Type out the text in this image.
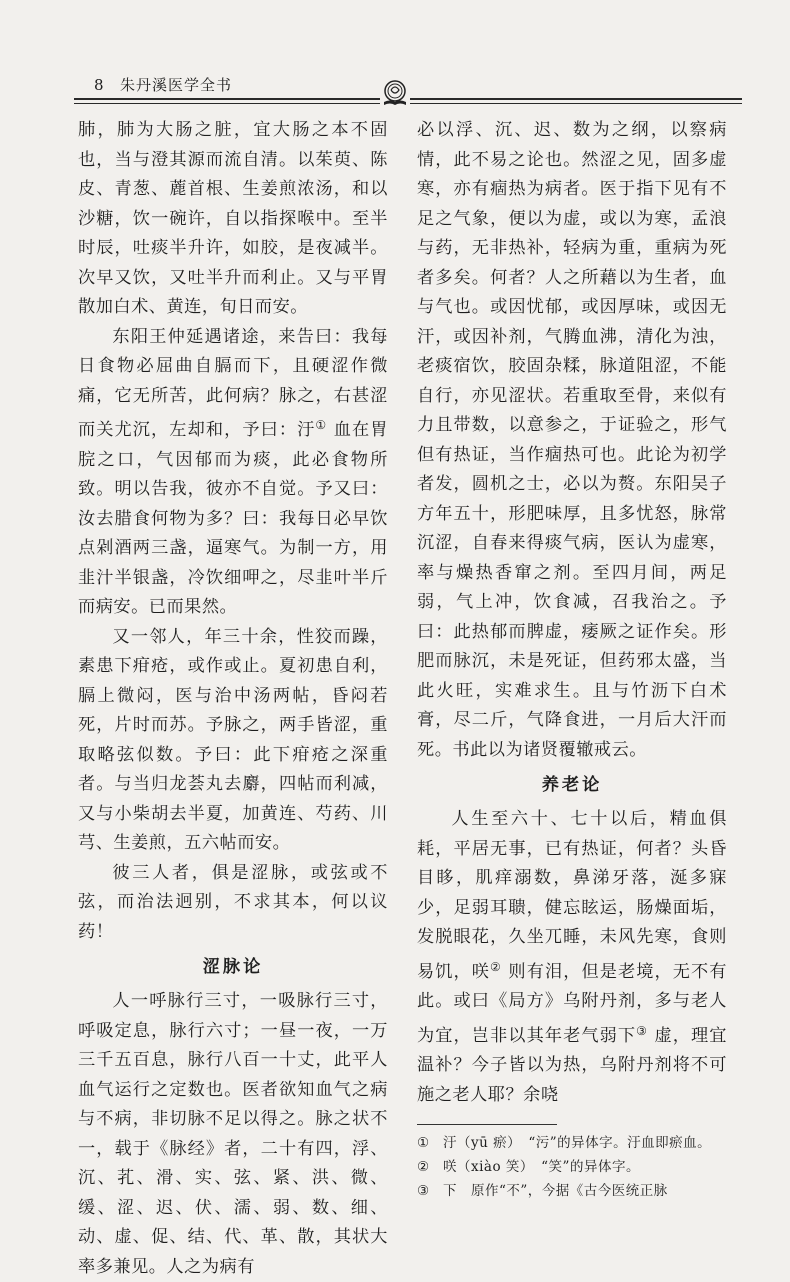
8 朱丹溪医学全书

肺，肺为大肠之脏，宜大肠之本不固也，当与澄其源而流自清。以茱萸、陈皮、青葱、蔍首根、生姜煎浓汤，和以沙糖，饮一碗许，自以指探喉中。至半时辰，吐痰半升许，如胶，是夜减半。次早又饮，又吐半升而利止。又与平胃散加白术、黄连，旬日而安。

东阳王仲延遇诸途，来告曰：我每日食物必屈曲自膈而下，且硬涩作微痛，它无所苦，此何病？脉之，右甚涩而关尤沉，左却和，予曰：汙① 血在胃脘之口，气因郁而为痰，此必食物所致。明以告我，彼亦不自觉。予又曰：汝去腊食何物为多？曰：我每日必早饮点剁酒两三盏，逼寒气。为制一方，用韭汁半银盏，冷饮细呷之，尽韭叶半斤而病安。已而果然。

又一邻人，年三十余，性狡而躁，素患下疳疮，或作或止。夏初患自利，膈上微闷，医与治中汤两帖，昏闷若死，片时而苏。予脉之，两手皆涩，重取略弦似数。予曰：此下疳疮之深重者。与当归龙荟丸去麝，四帖而利减，又与小柴胡去半夏，加黄连、芍药、川芎、生姜煎，五六帖而安。

彼三人者，俱是涩脉，或弦或不弦，而治法迥别，不求其本，何以议药！

涩脉论

人一呼脉行三寸，一吸脉行三寸，呼吸定息，脉行六寸；一昼一夜，一万三千五百息，脉行八百一十丈，此平人血气运行之定数也。医者欲知血气之病与不病，非切脉不足以得之。脉之状不一，载于《脉经》者，二十有四，浮、沉、芤、滑、实、弦、紧、洪、微、缓、涩、迟、伏、濡、弱、数、细、动、虚、促、结、代、革、散，其状大率多兼见。人之为病有

必以浮、沉、迟、数为之纲，以察病情，此不易之论也。然涩之见，固多虚寒，亦有痼热为病者。医于指下见有不足之气象，便以为虚，或以为寒，孟浪与药，无非热补，轻病为重，重病为死者多矣。何者？人之所藉以为生者，血与气也。或因忧郁，或因厚味，或因无汗，或因补剂，气腾血沸，清化为浊，老痰宿饮，胶固杂糅，脉道阻涩，不能自行，亦见涩状。若重取至骨，来似有力且带数，以意参之，于证验之，形气但有热证，当作痼热可也。此论为初学者发，圆机之士，必以为赘。东阳吴子方年五十，形肥味厚，且多忧怒，脉常沉涩，自春来得痰气病，医认为虚寒，率与燥热香窜之剂。至四月间，两足弱，气上冲，饮食减，召我治之。予曰：此热郁而脾虚，痿厥之证作矣。形肥而脉沉，未是死证，但药邪太盛，当此火旺，实难求生。且与竹沥下白术膏，尽二斤，气降食进，一月后大汗而死。书此以为诸贤覆辙戒云。

养老论

人生至六十、七十以后，精血俱耗，平居无事，已有热证，何者？头昏目眵，肌痒溺数，鼻涕牙落，涎多寐少，足弱耳聩，健忘眩运，肠燥面垢，发脱眼花，久坐兀睡，未风先寒，食则易饥，咲② 则有泪，但是老境，无不有此。或曰《局方》乌附丹剂，多与老人为宜，岂非以其年老气弱下③ 虚，理宜温补？今子皆以为热，乌附丹剂将不可施之老人耶？余哓

① 汙（yū 瘀）　“污”的异体字。汙血即瘀血。
② 咲（xiào 笑）　“笑”的异体字。
③ 下　原作“不”，今据《古今医统正脉
